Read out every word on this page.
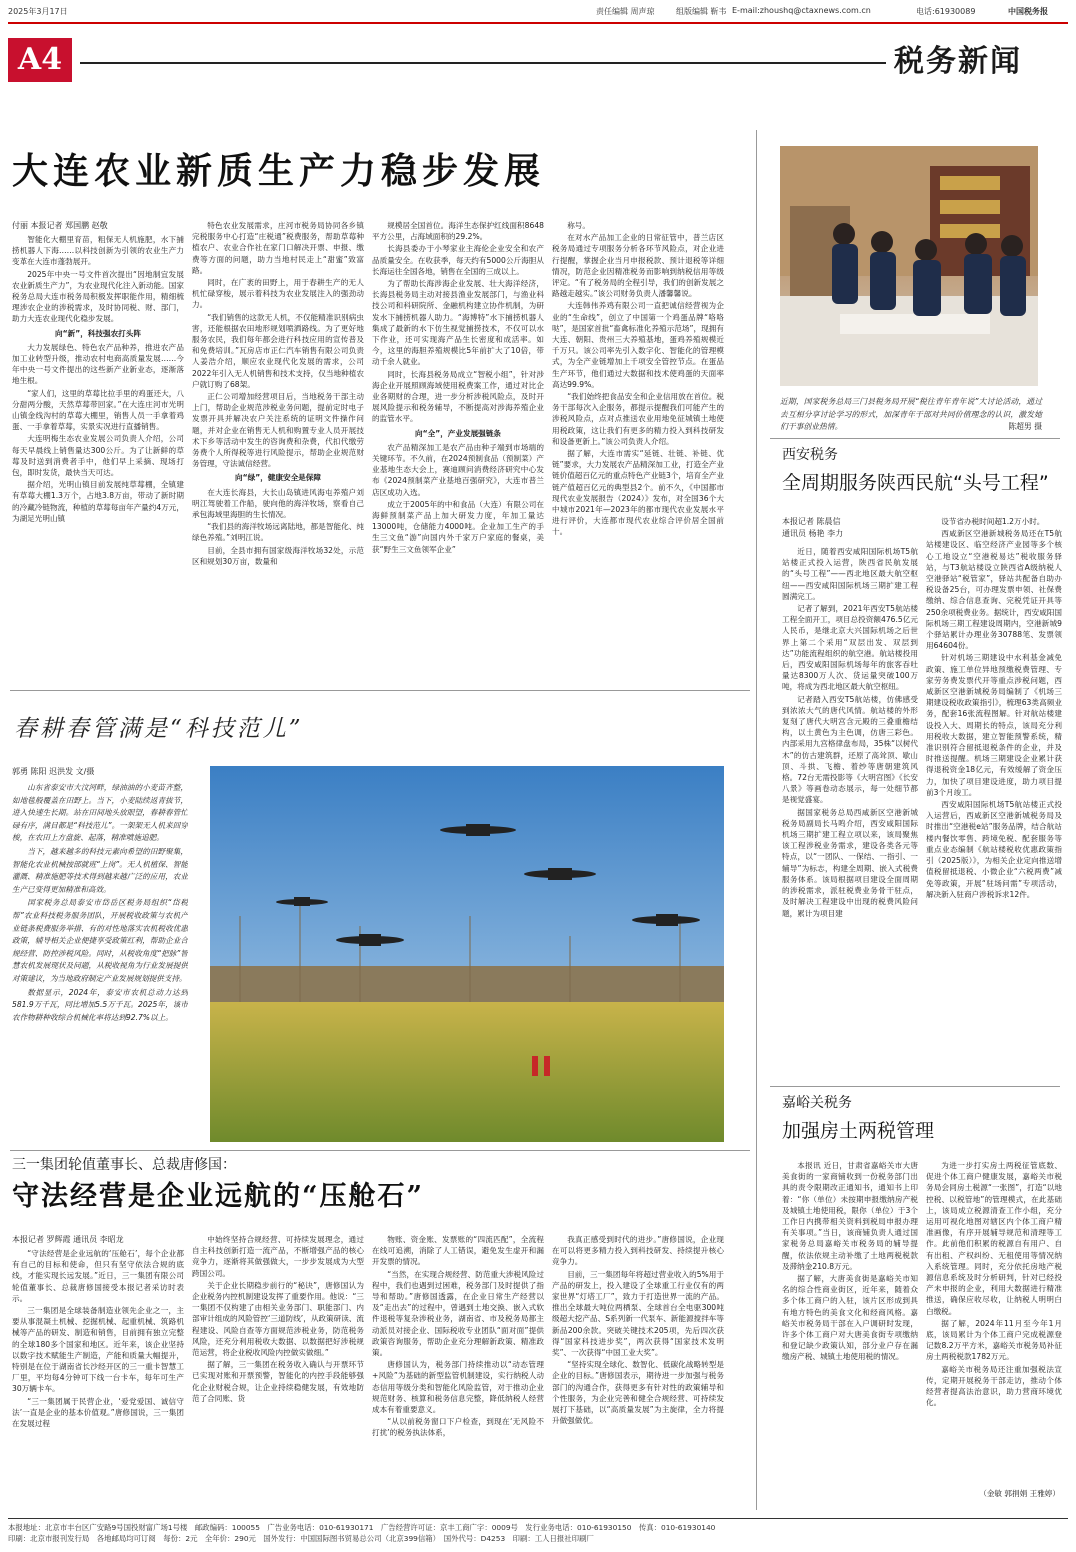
2025年3月17日	责任编辑 周声琼	组版编辑 靳韦 E-mail:zhoushq@ctaxnews.com.cn	电话:61930089	中国税务报
A4	税务新闻
大连农业新质生产力稳步发展
付丽 本报记者 郑国鹏 赵敬

智能化大棚里育苗，粗保无人机施肥，水下捕捞机器人下海……以科技创新为引领的农业生产力变革在大连市蓬勃展开。

2025年中央一号文件首次提出“因地制宜发展农业新质生产力”，为农业现代化注入新动能。国家税务总局大连市税务局积极发挥职能作用，精细梳理涉农企业的涉税需求，及时协同税、财、部门，助力大连农业现代化稳步发展。

向“新”，科技强农打头阵

大力发展绿色、特色农产品种养，推进农产品加工业转型升级，推动农村电商高质量发展……今年中央一号文件提出的这些新产业新业态，逐渐落地生根。

“家人们，这里的草莓比拉手里的鸡蛋还大，八分甜两分酸，天然草莓带回家。”在大连庄河市光明山镇金线沟村的草莓大棚里，销售人员一手拿着鸡蛋、一手拿着草莓，实景实况进行直播销售。

大连明梅生态农业发展公司负责人介绍，公司每天早晨线上销售量达300公斤。为了让新鲜的草莓及时送到消费者手中，他们早上采摘、现场打包，即时发货，最快当天可达。

据介绍，光明山镇目前发展纯草莓棚，全镇建有草莓大棚1.3万个，占地3.8万亩，带动了新时期的冷藏冷链物流，种植的草莓每亩年产量约4万元，为湖足光明山镇

特色农业发展需求，庄河市税务局协同各乡镇完税服务中心打造“庄税通”税费服务，帮助草莓种植农户、农业合作社在家门口解决开票、申报、缴费等方面的问题，助力当地村民走上“甜蜜”致富路。

同时，在广袤的田野上，用于春耕生产的无人机忙碌穿梭，展示着科技为农业发展注入的强劲动力。

“我们销售的这款无人机，不仅能精准识别病虫害，还能根据农田地形规划喷洒路线。为了更好地服务农民，我们每年都会进行科技应用的宣传普及和免费培训。”瓦房店市正仁汽车销售有限公司负责人姜浩介绍，顺应农业现代化发展的需求，公司2022年引入无人机销售和技术支持，仅当地种植农户就订购了68架。

正仁公司增加经营项目后，当地税务干部主动上门，帮助企业规范涉税业务问题，提前定时电子发票开具并解决农户关注系统的证明文件操作问题，并对企业在销售无人机和购置专业人员开展技术下乡等活动中发生的咨询费和杂费，代扣代缴劳务费个人所得税等进行风险提示，帮助企业规范财务管理，守法诚信经营。

向“绿”，健康安全是保障

在大连长海县，大长山岛镇进风海屯养殖户刘明江驾驶着工作船，驶向他的海洋牧场，察看自己承包海域里海胆的生长情况。

“我们县的海洋牧场远离陆地，都是智能化、纯绿色养殖。”刘明江说。

目前，全县市拥有国家级海洋牧场32处，示范区和规划30万亩，数量和

规模居全国首位。海洋生态保护红线面积8648平方公里，占海域面积的29.2%。

长海县委办于小琴家业主海伦企业安全和农产品质量安全。在收获季，每天约有5000公斤海胆从长海运往全国各地，销售在全国的三成以上。

为了帮助长海涉海企业发展、壮大海洋经济，长海县税务局主动对接县渔业发展部门，与渔业科技公司和科研院所、金融机构建立协作机制，为研发水下捕捞机器人助力。“海博特”水下捕捞机器人集成了最新的水下仿生视觉捕捞技术，不仅可以水下作业，还可实现海产品生长密度和成活率。如今，这里的海胆养殖规模比5年前扩大了10倍，带动千余人就业。

同时，长海县税务局成立“智税小组”，针对涉海企业开展照顾海域使用税费案工作，通过对比企业各期财的合理，进一步分析涉税风险点，及时开展风险提示和税务辅导，不断提高对涉海养殖企业的监管水平。

向“全”，产业发展强链条

农产品精深加工是农产品由种子端到市场端的关键环节。不久前，在2024预制食品（预制菜）产业基地生态大会上，赛迪顾问消费经济研究中心发布《2024预制菜产业基地百强研究》，大连市普兰店区成功入选。

成立于2005年的中和食品（大连）有限公司在海鲜预制菜产品上加大研发力度，年加工量达13000吨，仓储能力4000吨。企业加工生产的手生三文鱼“游”向国内外千家万户家庭的餐桌，美获“野生三文鱼领军企业”

称号。

在对水产品加工企业的日常征管中，普兰店区税务局通过专项服务分析各环节风险点，对企业进行提醒，掌握企业当月申报税款、预计退税等详细情况，防范企业因精准税务而影响到纳税信用等级评定。“有了税务局的全程引导，我们的创新发展之路越走越实。”该公司财务负责人潘馨馨说。

大连韩伟养鸡有限公司一直把诚信经营视为企业的“生命线”，创立了中国第一个鸡蛋品牌“咯咯哒”，是国家首批“畜禽标准化养殖示范场”，现拥有大连、朝阳、贵州三大养殖基地，蛋鸡养殖规模近千万只。该公司率先引入数字化、智能化的管理模式，为全产业链增加上千项安全管控节点。在蛋品生产环节，他们通过大数据和技术使鸡蛋的天面率高达99.9%。

“我们始终把食品安全和企业信用放在首位。税务干部每次入企服务，都提示提醒我们可能产生的涉税风险点，点对点推送农业用地免征城镇土地使用税政策，这让我们有更多的精力投入到科技研发和设备更新上。”该公司负责人介绍。

据了解，大连市需实“延链、壮链、补链、优链”要求，大力发展农产品精深加工业，打造全产业链价值超百亿元的重点特色产业链3个，培育全产业链产值超百亿元的典型县2个。前不久，《中国都市现代农业发展报告（2024）》发布，对全国36个大中城市2021年—2023年的都市现代农业发展水平进行评价，大连都市现代农业综合评价居全国前十。

近期，国家税务总局三门县税务局开展“税往青年青年说”大讨论活动，通过去互相分享讨论学习的形式，加深青年干部对共同价值理念的认识，激发她们干事创业热情。	陈超男 摄
西安税务
全周期服务陕西民航“头号工程”
本报记者 陈晨信
通讯员 杨艳 李力

近日，随着西安咸阳国际机场T5航站楼正式投入运营，陕西省民航发展的“头号工程”——西北地区最大航空枢纽——西安咸阳国际机场三期扩建工程圆满完工。

记者了解到，2021年西安T5航站楼工程全面开工，项目总投资额476.5亿元人民币，是继北京大兴国际机场之后世界上第二个采用“双层出发、双层到达”功能流程组织的航空港。航站楼投用后，西安咸阳国际机场每年的旅客吞吐量达8300万人次、货运量突破100万吨，将成为西北地区最大航空枢纽。

记者踏入西安T5航站楼，仿佛感受到浓浓大气的唐代风情。航站楼的外形复刻了唐代大明宫含元殿的三叠重檐结构，以土黄色为主色调，仿唐三彩色。内部采用九宫格律盘布局，35株“以树代木”的仿古建筑群，还原了高耸顶、歇山顶、斗拱、飞檐、着纱等唐朝建筑风格。72台无需投影等《大明宫图》《长安八景》等画卷动态展示，每一处细节都是视觉盛宴。

据国家税务总局西咸新区空港新城税务局副局长马鸣介绍，西安咸阳国际机场三期扩建工程立项以来，该局聚焦该工程涉税业务需求，建设各类各元等特点，以“一团队、一保结、一指引、一辅导”为标志，构建全周期、嵌入式税费服务体系。该局根据项目建设全面周期的涉税需求，派驻税费业务骨干驻点，及时解决工程建设中出现的税费风险问题，累计为项目建

设节省办税时间超1.2万小时。

西咸新区空港新城税务局还在T5航站楼建设区、临空经济产业园等多个核心工地设立“空港税易达”税收服务驿站，与T3航站楼设立陕西省A级纳税人空港驿站“税管家”，驿站共配备自助办税设备25台，可办理发票申领、社保费缴纳、综合信息查询、完税凭证开具等250余项税费业务。据统计，西安咸阳国际机场三期工程建设周期内，空港新城9个驿站累计办理业务30788笔、发票领用64604份。

针对机场三期建设中水利基金减免政策、施工单位异地预缴税费管理、专家劳务费发票代开等重点涉税问题，西咸新区空港新城税务局编制了《机场三期建设税收政策指引》，梳理63类高频业务，配套16张流程图解。针对航站楼建设投入大、周期长的特点，该局充分利用税收大数据，建立智能预警系统，精准识别符合留抵退税条件的企业，并及时推送提醒。机场三期建设企业累计获得退税资金18亿元，有效缓解了资金压力，加快了项目建设进度，助力项目提前3个月竣工。

西安咸阳国际机场T5航站楼正式投入运营后，西咸新区空港新城税务局及时推出“空港税e站”服务品牌，结合航站楼内餐饮零售、跨境免税、配套服务等重点业态编制《航站楼税收优惠政策指引（2025版）》，为相关企业定向推送增值税留抵退税、小微企业“六税两费”减免等政策，开展“驻场问需”专项活动，解决新入驻商户涉税诉求12件。

春耕春管满是“科技范儿”
郭勇 陈阳 迟洪发 文/摄

山东省泰安市大汶河畔，绿油油的小麦苗齐整，如地毯般覆盖在田野上。当下，小麦陆续返青拔节，进入快速生长期。站在田间地头放眼望，春耕春管忙碌有序，满目都是“科技范儿”。一架架无人机来回穿梭，在农田上方盘旋、起落，精准喷施追肥。

当下，越来越多的科技元素向希望的田野聚集，智能化农业机械按部就班“上岗”。无人机植保、智能灌溉、精准施肥等技术得到越来越广泛的应用，农业生产已变得更加精准和高效。

国家税务总局泰安市岱岳区税务局组织“岱税帮”农业科技税务服务团队，开展税收政策与农机产业链条税费服务举措、有的对性地落实农机税收优惠政策，辅导相关企业便捷享受政策红利，帮助企业合规经营、防控涉税风险。同时，从税收角度“把脉”智慧农机发展现状及问题，从税收视角为行业发展提供对策建议，为当地政府制定产业发展规划提供支持。

数据显示，2024年，泰安市农机总动力达到581.9万千瓦，同比增加5.5万千瓦。2025年，该市农作物耕种收综合机械化率将达到92.7%以上。

嘉峪关税务
加强房土两税管理

本报讯 近日，甘肃省嘉峪关市大唐美食街的一家商铺收到一份税务部门出具的责令限期改正通知书，通知书上印着：“你（单位）未按期申报缴纳房产税及城镇土地使用税，限你（单位）于3个工作日内携带相关资料到税局申报办理有关事项。”当日，该商铺负责人通过国家税务总局嘉峪关市税务局的辅导提醒，依法依规主动补缴了土地两税税款及滞纳金210.8万元。

据了解，大唐美食街是嘉峪关市知名的综合性商业街区，近年来，随着众多个体工商户的入驻，该片区形成到具有地方特色的美食文化和经商风格。嘉峪关市税务局干部在入户调研时发现，许多个体工商户对大唐美食街专项缴纳和登记缺少政策认知，部分业户存在漏缴房产税、城镇土地使用税的情况。

为进一步打实房土两税征管底数、促进个体工商户健康发展，嘉峪关市税务局会同房土税源“一张图”，打造“以地控税、以税管地”的管理模式，在此基础上，该局成立税源清查工作小组，充分运用可视化地图对辖区内个体工商户精准画像，有序开展辅导规范和清理等工作。此前他们积累的税源自有用户、自有出租、产权纠纷、无租使用等情况纳入系统管理。同时，充分依托房地产税源信息系统及时分析研判，针对已经投产未申报的企业，利用大数据进行精准推送，确保应收尽收，让纳税人明明白白缴税。

据了解，2024年11月至今年1月底，该局累计为个体工商户完成税源登记数8.2万平方米，嘉峪关市税务局补征房土两税税款1782万元。

嘉峪关市税务局还注重加强税法宣传，定期开展税务干部走访，推动个体经营者提高法治意识，助力营商环境优化。

（金敏 郭捐娟 王雅婷）
三一集团轮值董事长、总裁唐修国：
守法经营是企业远航的“压舱石”
本报记者 罗辉霞 通讯员 李昭龙

“守法经营是企业远航的‘压舱石’，每个企业都有自己的目标和使命，但只有坚守依法合规的底线，才能实现长远发展。”近日，三一集团有限公司轮值董事长、总裁唐修国接受本报记者采访时表示。

三一集团是全球装备制造业领先企业之一，主要从事混凝土机械、挖掘机械、起重机械、筑路机械等产品的研发、制造和销售，目前拥有独立完整的全球180多个国家和地区。近年来，该企业坚持以数字技术赋能生产制造，产能和质量大幅提升，特别是在位于湖南省长沙经开区的三一重卡智慧工厂里，平均每4分钟可下线一台卡车，每年可生产30万辆卡车。

“三一集团属于民营企业，‘爱党爱国、诚信守法’一直是企业的基本价值观。”唐修国说，三一集团在发展过程

中始终坚持合规经营、可持续发展理念，通过自主科技创新打造一流产品，不断增强产品的核心竞争力，逐渐将其做强做大，一步步发展成为大型跨国公司。

关于企业长期稳步前行的“秘诀”，唐修国认为企业税务内控机制建设发挥了重要作用。他说：“三一集团不仅构建了由相关业务部门、职能部门、内部审计组成的风险管控‘三道防线’，从政策研读、流程建设、风险自查等方面规范涉税业务，防范税务风险，还充分利用税收大数据、以数据把好涉税规范运营，将企业税收风险内控做实做细。”

据了解，三一集团在税务收入确认与开票环节已实现对账和开票预警，智能化的内控手段能够强化企业财税合规，让企业持续稳健发展，有效地防范了合同账、货

物账、资金账、发票账的“四流匹配”，全流程在线可追溯，消除了人工错误，避免发生虚开和漏开发票的情况。

“当然，在实现合规经营、防范重大涉税风险过程中，我们也遇到过困难，税务部门及时提供了指导和帮助。”唐修国透露，在企业日常生产经营以及“走出去”的过程中，曾遇到土地交换、嵌入式软件退税等复杂涉税业务，湖南省、市及税务局都主动派员对接企业、国际税收专业团队“面对面”提供政策咨询服务，帮助企业充分理解新政策、精准政策。

唐修国认为，税务部门持续推动以“动态管理+风险”为基础的新型监管机制建设，实行纳税人动态信用等级分类和智能化风险监管，对于推动企业规范财务、核算和税务信息完整，降低纳税人经营成本有着重要意义。

“从以前税务窗口下户检查，到现在‘无风险不打扰’的税务执法体系，

我真正感受到时代的进步。”唐修国说，企业现在可以将更多精力投入到科技研发、持续提升核心竞争力。

目前，三一集团每年将超过营业收入的5%用于产品的研发上，投入建设了全球重工行业仅有的两家世界“灯塔工厂”，致力于打造世界一流的产品。推出全球最大吨位两栖泵、全球首台全电驱300吨级超大挖产品、S系列新一代泵车、新能源搅拌车等新品200余款。突破关键技术205项，先后四次获得“国家科技进步奖”，两次获得“国家技术发明奖”、一次获得“中国工业大奖”。

“坚持实现全球化、数智化、低碳化战略转型是企业的目标。”唐修国表示，期待进一步加强与税务部门的沟通合作，获得更多有针对性的政策辅导和个性服务，为企业完善和健全合规经营、可持续发展打下基础，以“高质量发展”为主旋律，全力将提升做强做优。

本报地址：北京市丰台区广安路9号国投财富广场1号楼　邮政编码：100055　广告业务电话：010-61930171　广告经营许可证：京丰工商广字：0009号　发行业务电话：010-61930150　传真：010-61930140
印刷：北京市报刊发行局　各地邮局均可订阅　每份：2元　全年价：290元　国外发行：中国国际图书贸易总公司（北京399信箱）　国外代号：D4253　印刷：工人日报社印刷厂
